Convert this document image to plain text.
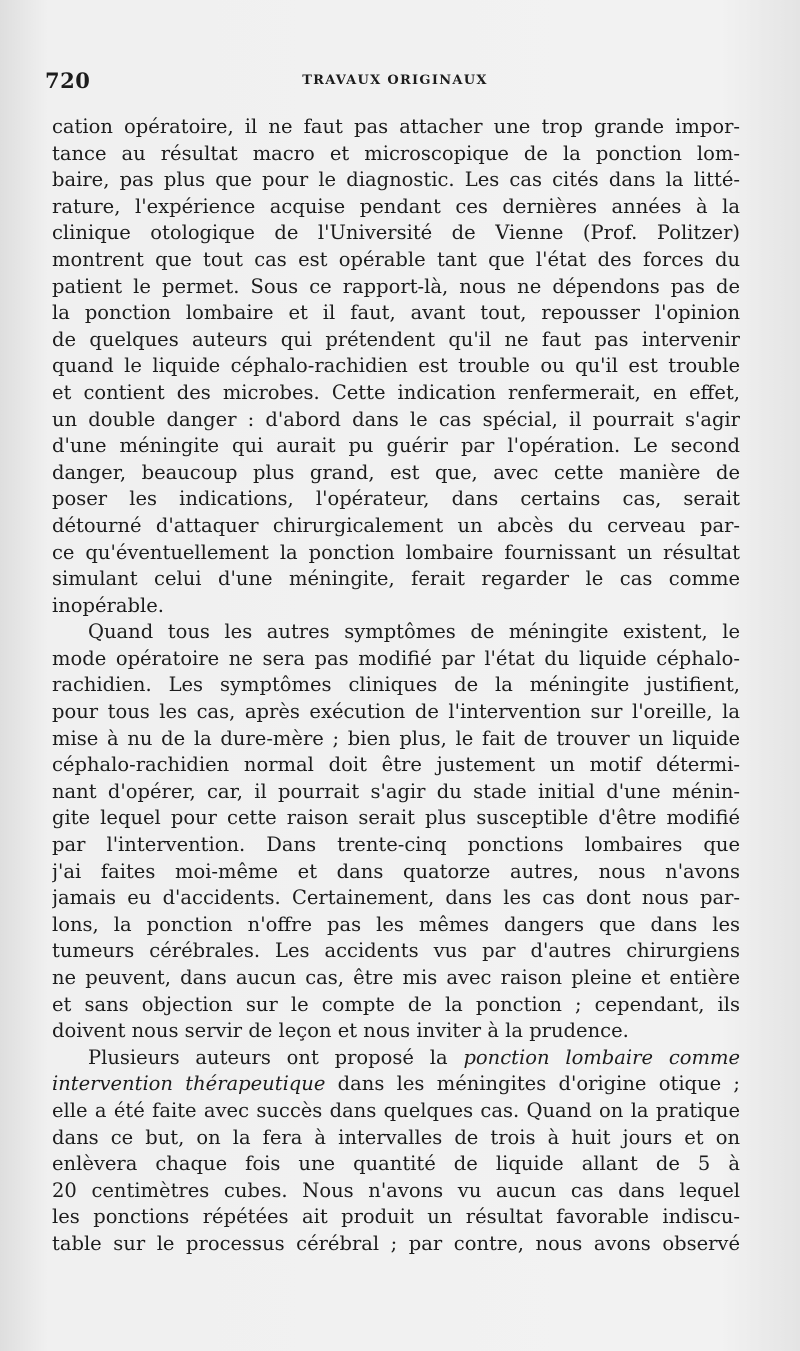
720	TRAVAUX ORIGINAUX
cation opératoire, il ne faut pas attacher une trop grande impor-
tance au résultat macro et microscopique de la ponction lom-
baire, pas plus que pour le diagnostic. Les cas cités dans la litté-
rature, l'expérience acquise pendant ces dernières années à la
clinique otologique de l'Université de Vienne (Prof. Politzer)
montrent que tout cas est opérable tant que l'état des forces du
patient le permet. Sous ce rapport-là, nous ne dépendons pas de
la ponction lombaire et il faut, avant tout, repousser l'opinion
de quelques auteurs qui prétendent qu'il ne faut pas intervenir
quand le liquide céphalo-rachidien est trouble ou qu'il est trouble
et contient des microbes. Cette indication renfermerait, en effet,
un double danger : d'abord dans le cas spécial, il pourrait s'agir
d'une méningite qui aurait pu guérir par l'opération. Le second
danger, beaucoup plus grand, est que, avec cette manière de
poser les indications, l'opérateur, dans certains cas, serait
détourné d'attaquer chirurgicalement un abcès du cerveau par-
ce qu'éventuellement la ponction lombaire fournissant un résultat
simulant celui d'une méningite, ferait regarder le cas comme
inopérable.
Quand tous les autres symptômes de méningite existent, le
mode opératoire ne sera pas modifié par l'état du liquide céphalo-
rachidien. Les symptômes cliniques de la méningite justifient,
pour tous les cas, après exécution de l'intervention sur l'oreille, la
mise à nu de la dure-mère ; bien plus, le fait de trouver un liquide
céphalo-rachidien normal doit être justement un motif détermi-
nant d'opérer, car, il pourrait s'agir du stade initial d'une ménin-
gite lequel pour cette raison serait plus susceptible d'être modifié
par l'intervention. Dans trente-cinq ponctions lombaires que
j'ai faites moi-même et dans quatorze autres, nous n'avons
jamais eu d'accidents. Certainement, dans les cas dont nous par-
lons, la ponction n'offre pas les mêmes dangers que dans les
tumeurs cérébrales. Les accidents vus par d'autres chirurgiens
ne peuvent, dans aucun cas, être mis avec raison pleine et entière
et sans objection sur le compte de la ponction ; cependant, ils
doivent nous servir de leçon et nous inviter à la prudence.
Plusieurs auteurs ont proposé la ponction lombaire comme
intervention thérapeutique dans les méningites d'origine otique ;
elle a été faite avec succès dans quelques cas. Quand on la pratique
dans ce but, on la fera à intervalles de trois à huit jours et on
enlèvera chaque fois une quantité de liquide allant de 5 à
20 centimètres cubes. Nous n'avons vu aucun cas dans lequel
les ponctions répétées ait produit un résultat favorable indiscu-
table sur le processus cérébral ; par contre, nous avons observé
